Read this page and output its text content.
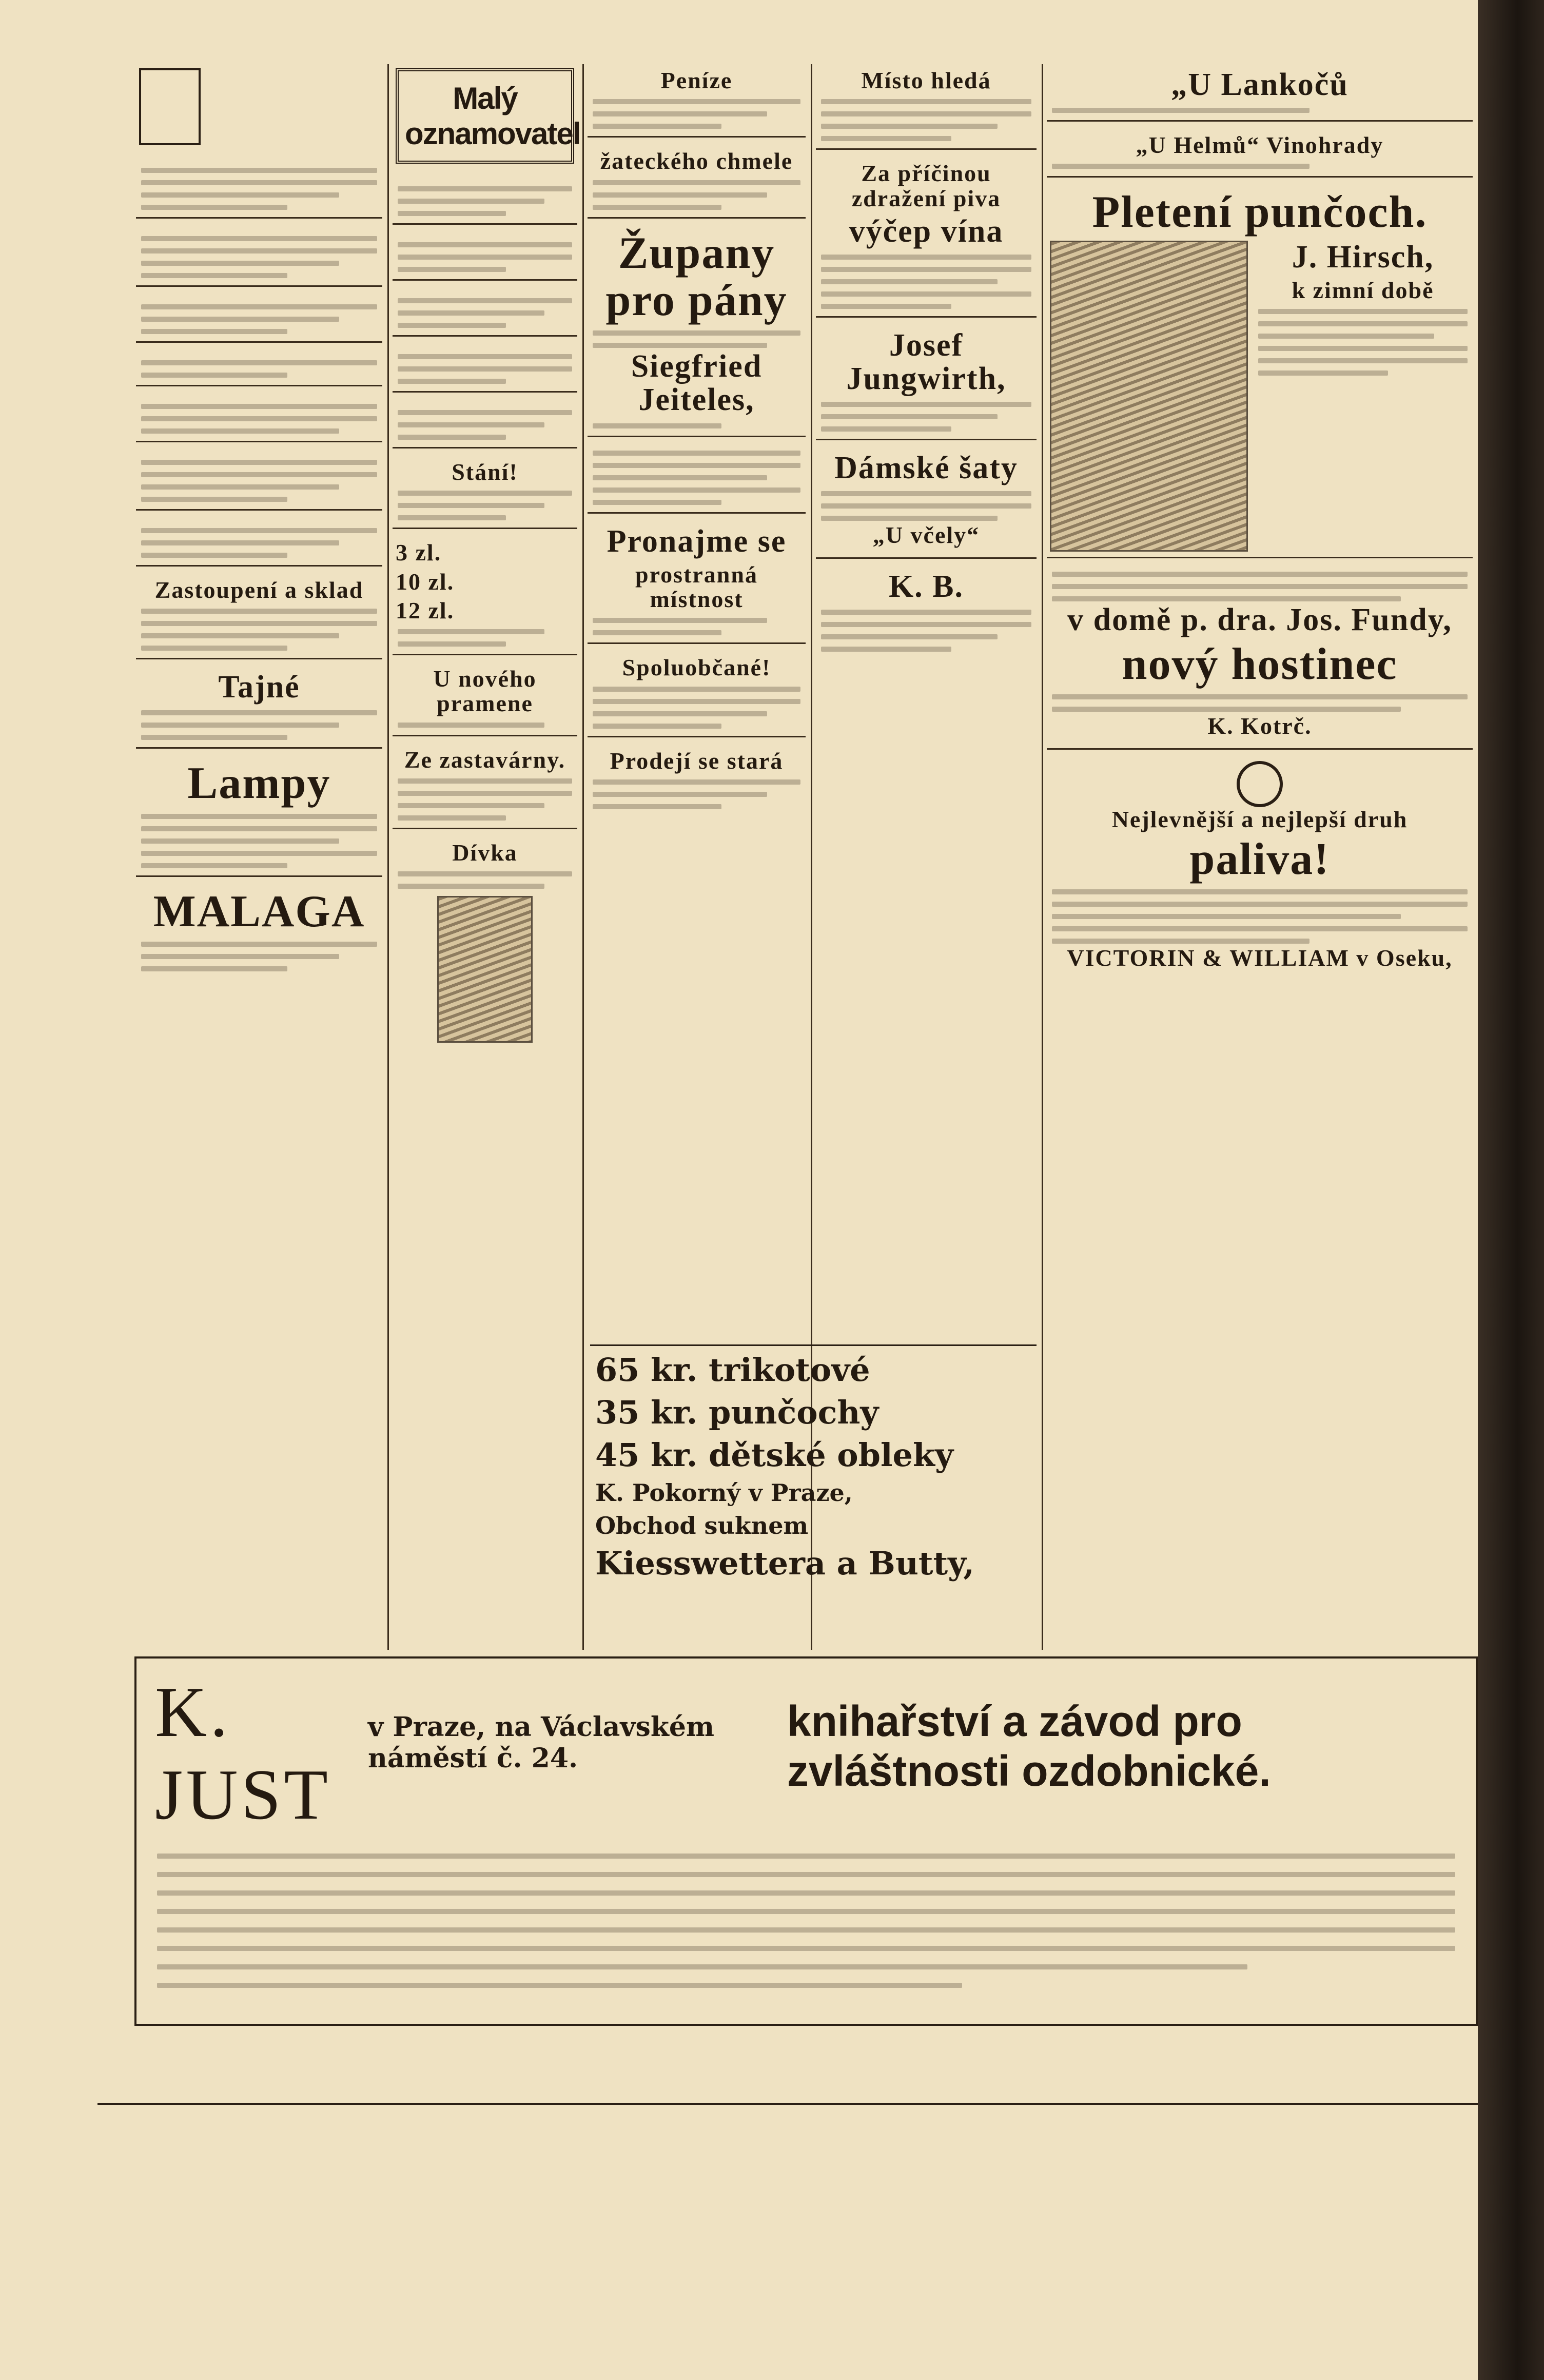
Zastoupení a sklad
Tajné
Lampy
MALAGA
Malý oznamovatel
Stání!
3 zl.
10 zl.
12 zl.
U nového pramene
Ze zastavárny.
Dívka
Peníze
žateckého chmele
Župany pro pány
Siegfried Jeiteles,
Pronajme se
prostranná místnost
Spoluobčané!
Prodejí se stará
Místo hledá
Za příčinou zdražení piva
výčep vína
Josef Jungwirth,
Dámské šaty
„U včely“
K. B.
„U Lankočů
„U Helmů“ Vinohrady
Pletení punčoch.
J. Hirsch,
k zimní době
v domě p. dra. Jos. Fundy,
nový hostinec
K. Kotrč.
Nejlevnější a nejlepší druh
paliva!
VICTORIN & WILLIAM v Oseku,
65 kr. trikotové
35 kr. punčochy
45 kr. dětské obleky
K. Pokorný v Praze,
Obchod suknem
Kiesswettera a Butty,
K. JUST
v Praze, na Václavském náměstí č. 24.
knihařství a závod pro zvláštnosti ozdobnické.
